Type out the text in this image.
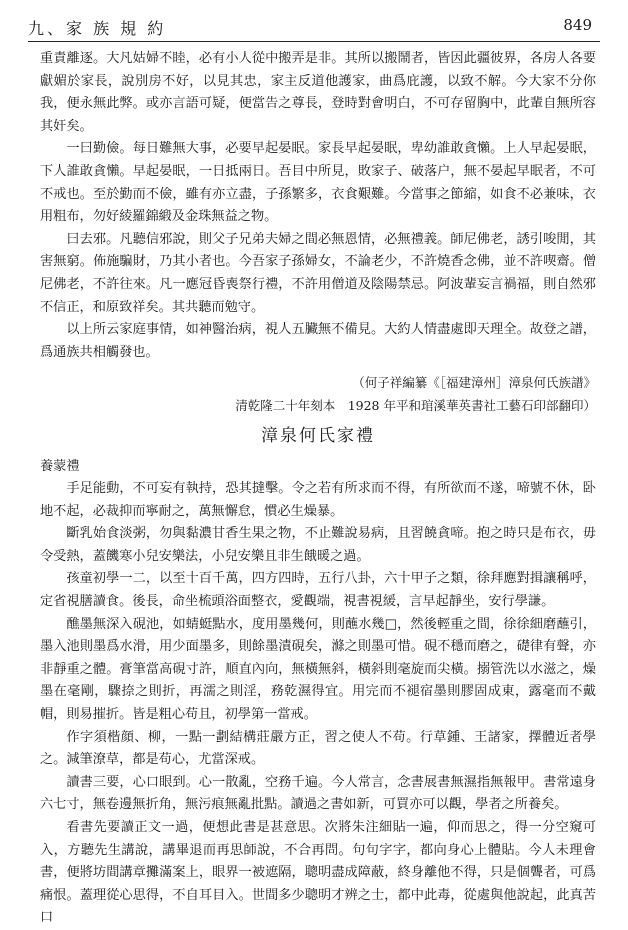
九、家 族 規 約	849

重責離逐。大凡姑婦不睦，必有小人從中搬弄是非。其所以搬鬧者，皆因此疆彼界，各房人各要獻媚於家長，說別房不好，以見其忠，家主反道他護家，曲爲庇護，以致不解。今大家不分你我，便永無此弊。或亦言語可疑，便當告之尊長，登時對會明白，不可存留胸中，此輩自無所容其奸矣。

一曰勤儉。每日難無大事，必要早起晏眠。家長早起晏眠，卑幼誰敢貪懶。上人早起晏眠，下人誰敢貪懶。早起晏眠，一日抵兩日。吾目中所見，敗家子、破落户，無不晏起早眠者，不可不戒也。至於勤而不儉，雖有亦立盡，子孫繁多，衣食艱難。今當事之節縮，如食不必兼味，衣用粗布，勿好綾羅錦緞及金珠無益之物。

曰去邪。凡聽信邪說，則父子兄弟夫婦之間必無恩情，必無禮義。師尼佛老，誘引唆閒，其害無窮。佈施騙財，乃其小者也。今吾家子孫婦女，不論老少，不許燒香念佛，並不許喫齋。僧尼佛老，不許往來。凡一應冠昏喪祭行禮，不許用僧道及陰陽禁忌。阿波輩妄言禍福，則自然邪不信正，和原致祥矣。其共聽而勉守。

以上所云家庭事情，如神醫治病，視人五臟無不備見。大約人情盡處即天理全。故登之譜，爲通族共相觸發也。

（何子祥編纂《［福建漳州］漳泉何氏族譜》

清乾隆二十年刻本　1928 年平和琯溪華英書社工藝石印部翻印）

漳泉何氏家禮

養蒙禮

手足能動，不可妄有執持，恐其撻擊。令之若有所求而不得，有所欲而不遂，啼號不休，卧地不起，必裁抑而寧耐之，萬無懈怠，慣必生燥暴。

斷乳始食淡粥，勿與黏濃甘香生果之物，不止難說易病，且習饒貪啼。抱之時只是布衣，毋令受熱，蓋饑寒小兒安樂法，小兒安樂且非生餓暖之過。

孩童初學一二，以至十百千萬，四方四時，五行八卦，六十甲子之類，徐拜應對揖讓稱呼，定省視膳讀食。後長，命坐梳頭浴面整衣，愛觀端，視書視緩，言早起靜坐，安行學謙。

醮墨無深入硯池，如蜻蜓點水，度用墨幾何，則蘸水幾□，然後輕重之間，徐徐細磨蘸引，墨入池則墨爲水滑，用少面墨多，則餘墨漬硯矣，滌之則墨可惜。硯不穩而磨之，礎律有聲，亦非靜重之體。膏筆當高硯寸許，順直內向，無橫無斜，橫斜則毫旋而尖橫。搦管洗以水滋之，燥墨在毫剛，驟捺之則折，再濡之則淫，務乾濕得宜。用完而不褪宿墨則膠固成東，露毫而不戴帽，則易摧折。皆是粗心苟且，初學第一當戒。

作字須楷顔、柳，一點一劃結構莊嚴方正，習之使人不苟。行草鍾、王諸家，擇體近者學之。減筆潦草，都是苟心，尤當深戒。

讀書三要，心口眼到。心一散亂，空務千遍。今人常言，念書展書無濕指無報甲。書常遠身六七寸，無卷邊無折角，無污痕無亂批點。讀過之書如新，可買亦可以觀，學者之所養矣。

看書先要讀正文一過，便想此書是甚意思。次將朱注細貼一遍，仰而思之，得一分空窺可入，方聽先生講說，講畢退而再思師說，不合再問。句句字字，都向身心上體貼。今人未理會書，便將坊間講章攤滿案上，眼界一被遮隔，聰明盡成障蔽，終身離他不得，只是個聾者，可爲痛恨。蓋理從心思得，不自耳目入。世間多少聰明才辨之士，都中此毒，從處與他說起，此真苦口
